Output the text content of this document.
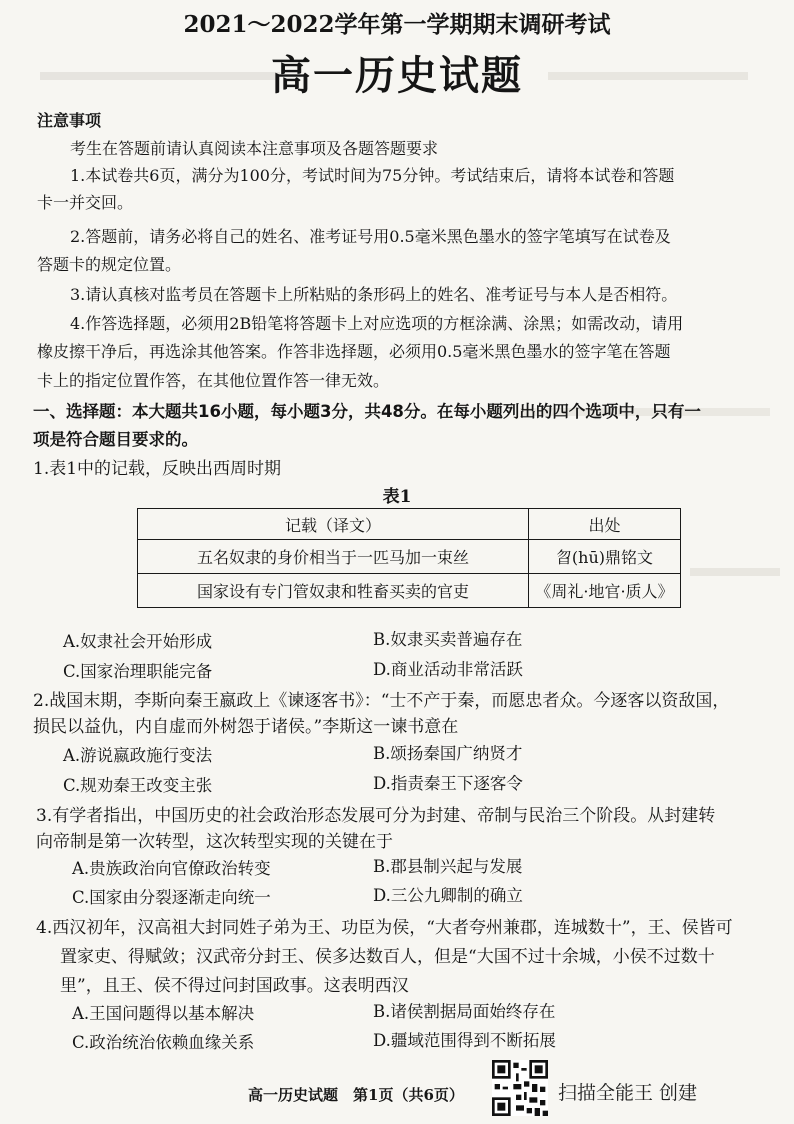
2021～2022学年第一学期期末调研考试
高一历史试题
注意事项
考生在答题前请认真阅读本注意事项及各题答题要求
1.本试卷共6页，满分为100分，考试时间为75分钟。考试结束后，请将本试卷和答题
卡一并交回。
2.答题前，请务必将自己的姓名、准考证号用0.5毫米黑色墨水的签字笔填写在试卷及
答题卡的规定位置。
3.请认真核对监考员在答题卡上所粘贴的条形码上的姓名、准考证号与本人是否相符。
4.作答选择题，必须用2B铅笔将答题卡上对应选项的方框涂满、涂黑；如需改动，请用
橡皮擦干净后，再选涂其他答案。作答非选择题，必须用0.5毫米黑色墨水的签字笔在答题
卡上的指定位置作答，在其他位置作答一律无效。
一、选择题：本大题共16小题，每小题3分，共48分。在每小题列出的四个选项中，只有一
项是符合题目要求的。
1.表1中的记载，反映出西周时期
表1
记载（译文）	出处
五名奴隶的身价相当于一匹马加一束丝	曶(hū)鼎铭文
国家设有专门管奴隶和牲畜买卖的官吏	《周礼·地官·质人》
A.奴隶社会开始形成	B.奴隶买卖普遍存在
C.国家治理职能完备	D.商业活动非常活跃
2.战国末期，李斯向秦王嬴政上《谏逐客书》：“士不产于秦，而愿忠者众。今逐客以资敌国，
损民以益仇，内自虚而外树怨于诸侯。”李斯这一谏书意在
A.游说嬴政施行变法	B.颂扬秦国广纳贤才
C.规劝秦王改变主张	D.指责秦王下逐客令
3.有学者指出，中国历史的社会政治形态发展可分为封建、帝制与民治三个阶段。从封建转
向帝制是第一次转型，这次转型实现的关键在于
A.贵族政治向官僚政治转变	B.郡县制兴起与发展
C.国家由分裂逐渐走向统一	D.三公九卿制的确立
4.西汉初年，汉高祖大封同姓子弟为王、功臣为侯，“大者夸州兼郡，连城数十”，王、侯皆可
置家吏、得赋敛；汉武帝分封王、侯多达数百人，但是“大国不过十余城，小侯不过数十
里”，且王、侯不得过问封国政事。这表明西汉
A.王国问题得以基本解决	B.诸侯割据局面始终存在
C.政治统治依赖血缘关系	D.疆域范围得到不断拓展
高一历史试题　第1页（共6页）	扫描全能王 创建
